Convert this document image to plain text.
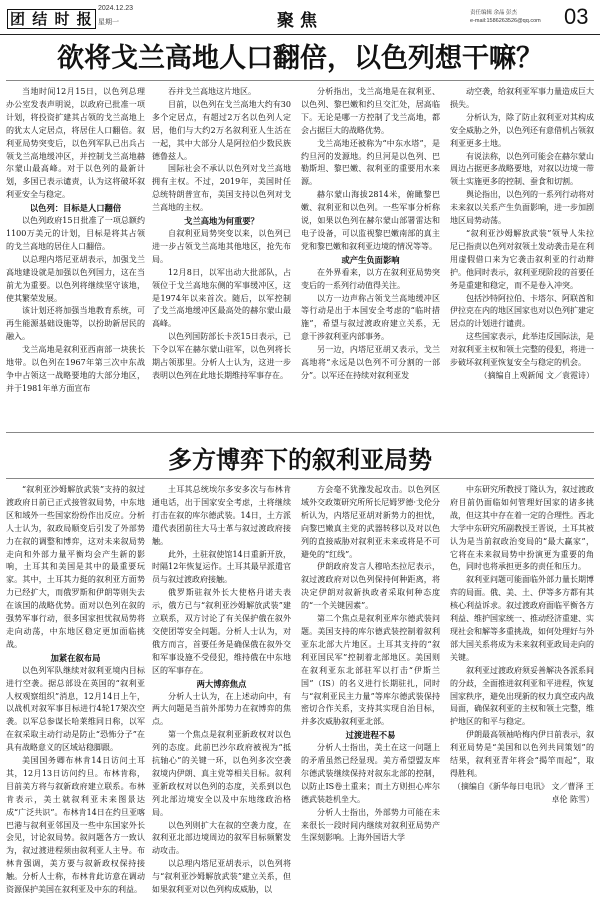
团 结 时 报
2024.12.23
星期一	聚焦	责任编辑 余晶 彭杰
e-mail:1586263526@qq.com 03
欲将戈兰高地人口翻倍，以色列想干嘛？

当地时间12月15日，以色列总理办公室发表声明说，以政府已批准一项计划，将投资扩建其占领的戈兰高地上的犹太人定居点，将居住人口翻倍。叙利亚局势突变后，以色列军队已出兵占领戈兰高地缓冲区，并控制戈兰高地赫尔蒙山最高峰。对于以色列的最新计划，多国已表示谴责，认为这将破坏叙利亚安全与稳定。

以色列：目标是人口翻倍

以色列政府15日批准了一项总额约1100万美元的计划，目标是将其占领的戈兰高地的居住人口翻倍。

以总理内塔尼亚胡表示，加强戈兰高地建设就是加强以色列国力，这在当前尤为重要。以色列将继续坚守该地，使其繁荣发展。

该计划还将加强当地教育系统，可再生能源基础设施等，以扮助新居民的融入。

戈兰高地是叙利亚西南部一块狭长地带。以色列在1967年第三次中东战争中占领这一战略要地的大部分地区，并于1981年单方面宣布

吞并戈兰高地这片地区。

目前，以色列在戈兰高地大约有30多个定居点，有超过2万名以色列人定居，他们与大约2万名叙利亚人生活在一起，其中大部分人是阿拉伯少数民族德鲁兹人。

国际社会不承认以色列对戈兰高地拥有主权。不过，2019年，美国时任总统特朗普宣布，美国支持以色列对戈兰高地的主权。

戈兰高地为何重要？

自叙利亚局势突变以来，以色列已进一步占领戈兰高地其他地区，抢先布局。

12月8日，以军出动大批部队，占领位于戈兰高地东侧的军事缓冲区，这是1974年以来首次。随后，以军控制了戈兰高地缓冲区最高处的赫尔蒙山最高峰。

以色列国防部长卡茨15日表示，已下令以军在赫尔蒙山驻军，以色列将长期占领那里。分析人士认为，这进一步表明以色列在此地长期维持军事存在。

分析指出，戈兰高地是在叙利亚、以色列、黎巴嫩和约旦交汇处，居高临下。无论是哪一方控制了戈兰高地，都会占据巨大的战略优势。

戈兰高地还被称为“中东水塔”，是约旦河的发源地。约旦河是以色列、巴勒斯坦、黎巴嫩、叙利亚的重要用水来源。

赫尔蒙山海拔2814米，俯瞰黎巴嫩、叙利亚和以色列。一些军事分析称说，如果以色列在赫尔蒙山部署雷达和电子设备，可以监视黎巴嫩南部的真主党和黎巴嫩和叙利亚边境的情况等等。

或产生负面影响

在外界看来，以方在叙利亚局势突变后的一系列行动值得关注。

以方一边声称占领戈兰高地缓冲区等行动是出于本国安全考虑的“临时措施”，希望与叙过渡政府建立关系，无意干涉叙利亚内部事务。

另一边，内塔尼亚胡又表示，戈兰高地将“永远是以色列不可分割的一部分”。以军还在持续对叙利亚发

动空袭，给叙利亚军事力量造成巨大损失。

分析认为，除了防止叙利亚对其构成安全威胁之外，以色列还有意借机占领叙利亚更多土地。

有说法称，以色列可能会在赫尔蒙山周边占据更多战略要地，对叙以边境一带领土实施更多的控制、蚕食和切割。

舆论指出，以色列的一系列行动将对未来叙以关系产生负面影响，进一步加剧地区局势动荡。

“叙利亚沙姆解放武装”领导人朱拉尼已指责以色列对叙领土发动袭击是在利用虚假借口来为它袭击叙利亚的行动辩护。他同时表示，叙利亚现阶段的首要任务是重建和稳定，而不是卷入冲突。

包括沙特阿拉伯、卡塔尔、阿联酋和伊拉克在内的地区国家也对以色列扩建定居点的计划进行谴责。

这些国家表示，此举违反国际法，是对叙利亚主权和领土完整的侵犯，将进一步破坏叙利亚恢复安全与稳定的机会。

（摘编自上观新闻 文／袁霓诗）

多方博弈下的叙利亚局势

“叙利亚沙姆解放武装”支持的叙过渡政府日前已正式接管叙局势，中东地区和域外一些国家纷纷作出反应。分析人士认为，叙政局顺变后引发了外部势力在叙的调整和博弈，这对未来叙局势走向和外部力量平衡均会产生新的影响，土耳其和美国是其中的最重要玩家。其中，土耳其力挺的叙利亚方面势力已经扩大，而俄罗斯和伊朗等则失去在该国的战略优势。面对以色列在叙的强势军事行动，很多国家担忧叙局势将走向动荡，中东地区稳定更加面临挑战。

加紧在叙布局

以色列军队继续对叙利亚境内目标进行空袭。据总部设在英国的“叙利亚人权观察组织”消息，12月14日上午，以战机对叙军事目标进行4轮17架次空袭。以军总参谋长哈莱维同日称，以军在叙采取主动行动是防止“恐怖分子”在具有战略意义的区域站稳脚跟。

美国国务卿布林肯14日访问土耳其，12月13日访问约旦。布林肯称，目前美方将与叙新政府建立联系。布林肯表示，美土就叙利亚未来图景达成“广泛共识”。布林肯14日在约旦亚喀巴港与叙利亚邻国及一些中东国家外长会见，讨论叙局势。叙问题各方一致认为，叙过渡进程须由叙利亚人主导。布林肯强调，美方要与叙新政权保持接触。分析人士称，布林肯此访意在调动资源保护美国在叙利亚及中东的利益。

土耳其总统埃尔多安多次与布林肯通电话，出于国家安全考虑，土将继续打击在叙的库尔德武装。14日，土方派遣代表团前往大马士革与叙过渡政府接触。

此外，土驻叙使馆14日重新开放，时隔12年恢复运作。土耳其最早派遣官员与叙过渡政府接触。

俄罗斯驻叙外长大使格丹诺夫表示，俄方已与“叙利亚沙姆解放武装”建立联系，双方讨论了有关保护俄在叙外交使团等安全问题。分析人士认为，对俄方而言，首要任务是确保俄在叙外交和军事设施不受侵犯，维持俄在中东地区的军事存在。

两大博弈焦点

分析人士认为，在上述动向中，有两大问题是当前外部势力在叙博弈的焦点。

第一个焦点是叙利亚新政权对以色列的态度。此前巴沙尔政府被视为“抵抗轴心”的关键一环，以色列多次空袭叙境内伊朗、真主党等相关目标。叙利亚新政权对以色列的态度，关系到以色列北部边境安全以及中东地缘政治格局。

以色列则扩大在叙的空袭力度，在叙利亚北部边境周边的叙军目标频繁发动攻击。

以总理内塔尼亚胡表示，以色列将与“叙利亚沙姆解放武装”建立关系，但如果叙利亚对以色列构成威胁，以

方会毫不犹豫发起攻击。以色列区域外交政策研究所所长尼姆罗德·戈伦分析认为，内塔尼亚胡对新势力的担忧，向黎巴嫩真主党的武器转移以及对以色列的直接威胁对叙利亚未来或将是不可避免的“红线”。

伊朗政府发言人穆哈杰拉尼表示，叙过渡政府对以色列保持何种距离，将决定伊朗对叙新执政者采取何种态度的“一个关键因素”。

第二个焦点是叙利亚库尔德武装问题。美国支持的库尔德武装控制着叙利亚东北部大片地区。土耳其支持的“叙利亚国民军”控制着北部地区。美国则在叙利亚东北部驻军以打击“伊斯兰国”（IS）的名义进行长期驻扎，同时与“叙利亚民主力量”等库尔德武装保持密切合作关系，支持其实现自治目标，并多次威胁叙利亚北部。

过渡进程不易

分析人士指出，美土在这一问题上的矛盾虽然已经显现。美方希望盟友库尔德武装继续保持对叙东北部的控制，以防止IS卷土重来；而土方则担心库尔德武装趁机坐大。

分析人士指出，外部势力可能在未来很长一段时间内继续对叙利亚局势产生深刻影响。上海外国语大学

中东研究所教授丁隆认为，叙过渡政府目前仍面临如何管理好国家的诸多挑战，但这其中存在着一定的合理性。西北大学中东研究所副教授王晋说，土耳其被认为是当前叙政治变局的“最大赢家”，它将在未来叙局势中扮演更为重要的角色，同时也将承担更多的责任和压力。

叙利亚问题可能面临外部力量长期博弈的局面。俄、美、土、伊等多方都有其核心利益诉求。叙过渡政府面临平衡各方利益、维护国家统一、推动经济重建、实现社会和解等多重挑战，如何处理好与外部大国关系将成为未来叙利亚政局走向的关键。

叙利亚过渡政府须妥善解决各派系间的分歧，全面推进叙利亚和平进程，恢复国家秩序，避免出现新的权力真空或内战局面，确保叙利亚的主权和领土完整，维护地区的和平与稳定。

伊朗最高领袖哈梅内伊日前表示，叙利亚局势是“美国和以色列共同策划”的结果，叙利亚青年将会“揭竿而起”，取得胜利。

（摘编自《新华每日电讯》 文／曹泽 王卓伦 陈雪）
